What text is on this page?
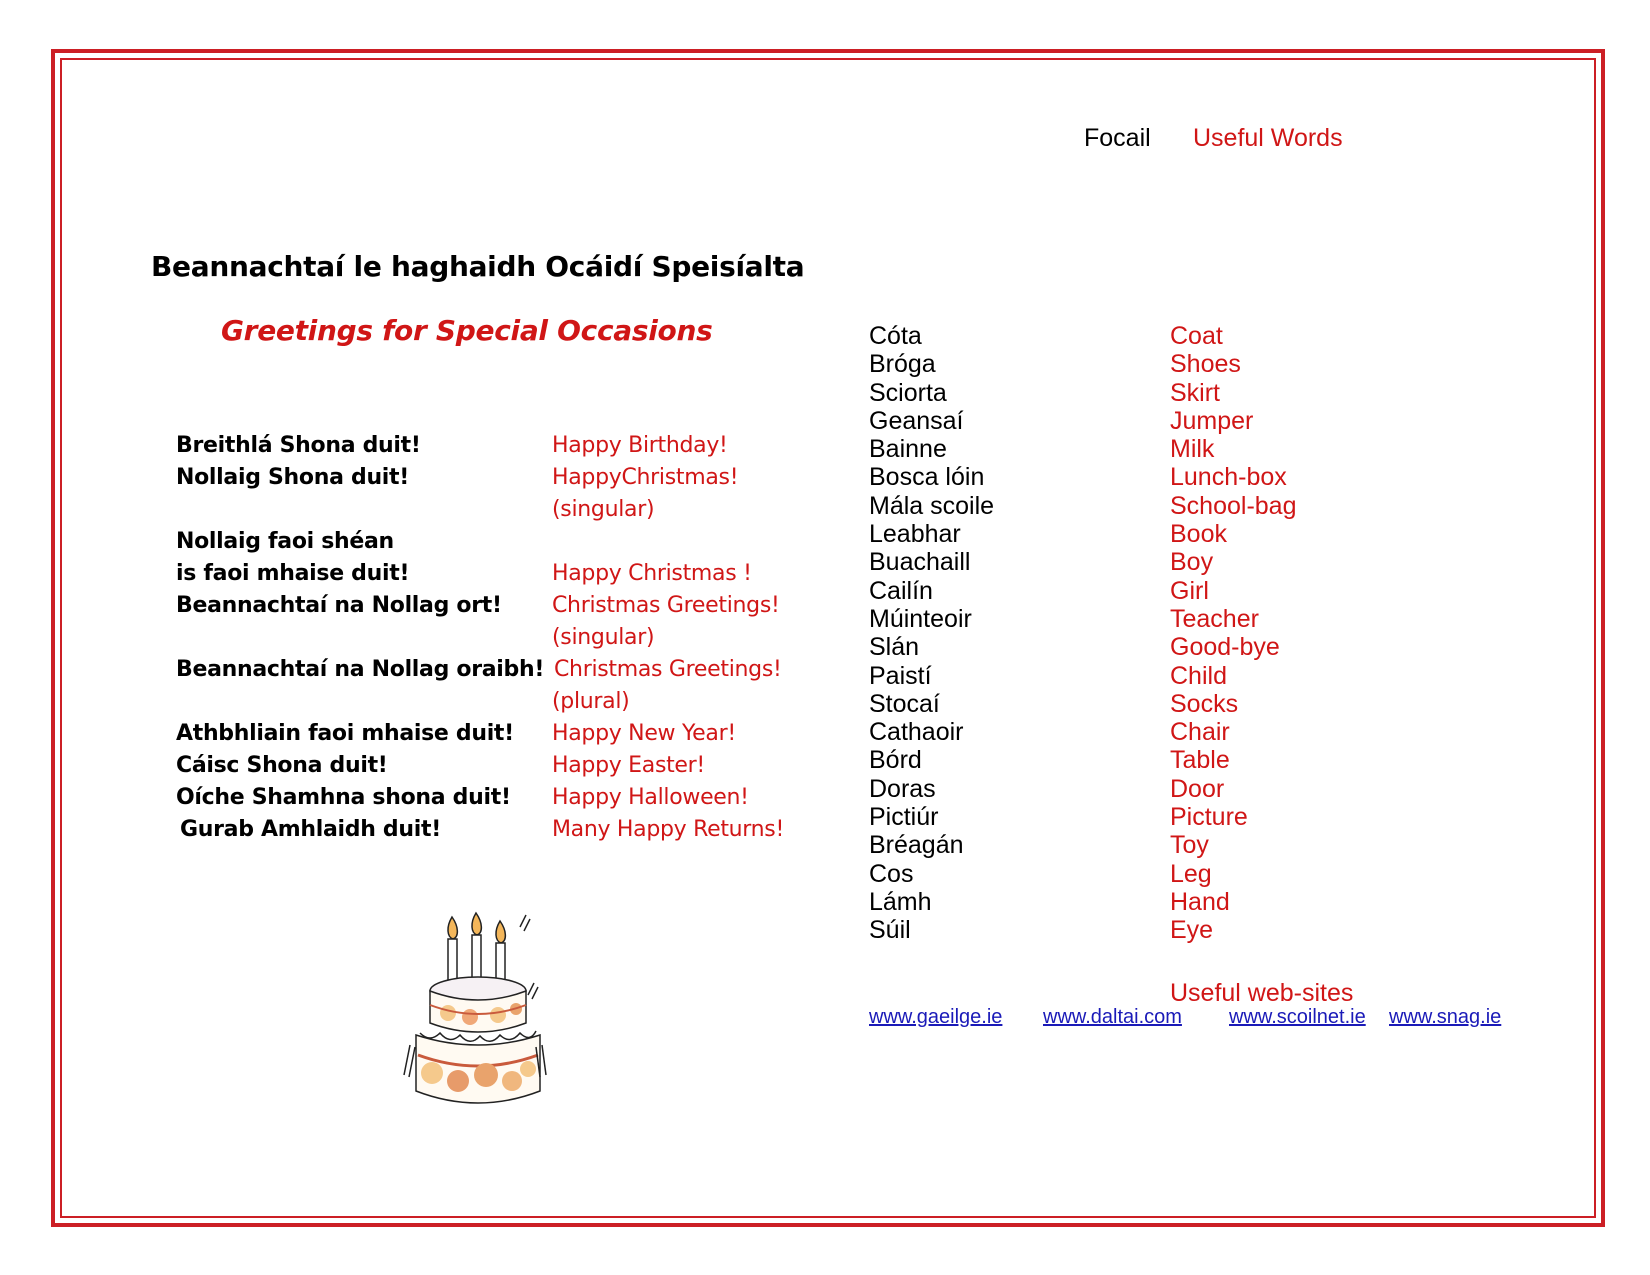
Focail Useful Words
Beannachtaí le haghaidh Ocáidí Speisíalta
Greetings for Special Occasions
Breithlá Shona duit!
Nollaig Shona duit!
Nollaig faoi shéan
is faoi mhaise duit!
Beannachtaí na Nollag ort!
Beannachtaí na Nollag oraibh!
Athbhliain faoi mhaise duit!
Cáisc Shona duit!
Oíche Shamhna shona duit!
Gurab Amhlaidh duit!
Happy Birthday!
HappyChristmas!
(singular)
Happy Christmas !
Christmas Greetings!
(singular)
Christmas Greetings!
(plural)
Happy New Year!
Happy Easter!
Happy Halloween!
Many Happy Returns!
Cóta
Bróga
Sciorta
Geansaí
Bainne
Bosca lóin
Mála scoile
Leabhar
Buachaill
Cailín
Múinteoir
Slán
Paistí
Stocaí
Cathaoir
Bórd
Doras
Pictiúr
Bréagán
Cos
Lámh
Súil
Coat
Shoes
Skirt
Jumper
Milk
Lunch-box
School-bag
Book
Boy
Girl
Teacher
Good-bye
Child
Socks
Chair
Table
Door
Picture
Toy
Leg
Hand
Eye
Useful web-sites
www.gaeilge.ie www.daltai.com www.scoilnet.ie www.snag.ie
